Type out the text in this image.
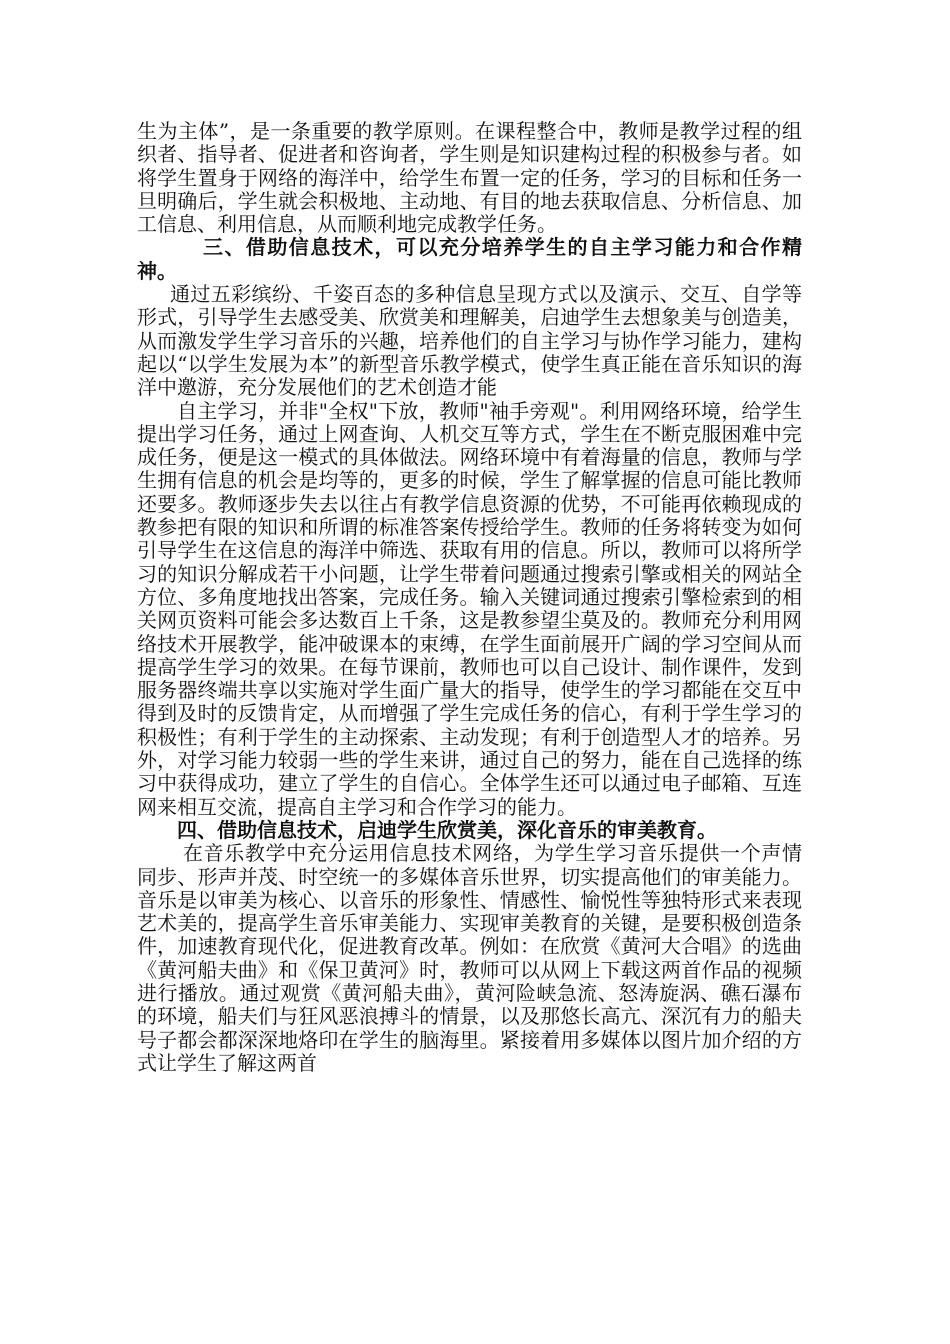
生为主体”，是一条重要的教学原则。在课程整合中，教师是教学过程的组织者、指导者、促进者和咨询者，学生则是知识建构过程的积极参与者。如将学生置身于网络的海洋中，给学生布置一定的任务，学习的目标和任务一旦明确后，学生就会积极地、主动地、有目的地去获取信息、分析信息、加工信息、利用信息，从而顺利地完成教学任务。

三、借助信息技术，可以充分培养学生的自主学习能力和合作精神。

通过五彩缤纷、千姿百态的多种信息呈现方式以及演示、交互、自学等形式，引导学生去感受美、欣赏美和理解美，启迪学生去想象美与创造美，从而激发学生学习音乐的兴趣，培养他们的自主学习与协作学习能力，建构起以“以学生发展为本”的新型音乐教学模式，使学生真正能在音乐知识的海洋中邀游，充分发展他们的艺术创造才能

自主学习，并非"全权"下放，教师"袖手旁观"。利用网络环境，给学生提出学习任务，通过上网查询、人机交互等方式，学生在不断克服困难中完成任务，便是这一模式的具体做法。网络环境中有着海量的信息，教师与学生拥有信息的机会是均等的，更多的时候，学生了解掌握的信息可能比教师还要多。教师逐步失去以往占有教学信息资源的优势，不可能再依赖现成的教参把有限的知识和所谓的标准答案传授给学生。教师的任务将转变为如何引导学生在这信息的海洋中筛选、获取有用的信息。所以，教师可以将所学习的知识分解成若干小问题，让学生带着问题通过搜索引擎或相关的网站全方位、多角度地找出答案，完成任务。输入关键词通过搜索引擎检索到的相关网页资料可能会多达数百上千条，这是教参望尘莫及的。教师充分利用网络技术开展教学，能冲破课本的束缚，在学生面前展开广阔的学习空间从而提高学生学习的效果。在每节课前，教师也可以自己设计、制作课件，发到服务器终端共享以实施对学生面广量大的指导，使学生的学习都能在交互中得到及时的反馈肯定，从而增强了学生完成任务的信心，有利于学生学习的积极性；有利于学生的主动探索、主动发现；有利于创造型人才的培养。另外，对学习能力较弱一些的学生来讲，通过自己的努力，能在自己选择的练习中获得成功，建立了学生的自信心。全体学生还可以通过电子邮箱、互连网来相互交流，提高自主学习和合作学习的能力。

四、借助信息技术，启迪学生欣赏美，深化音乐的审美教育。

在音乐教学中充分运用信息技术网络，为学生学习音乐提供一个声情同步、形声并茂、时空统一的多媒体音乐世界，切实提高他们的审美能力。音乐是以审美为核心、以音乐的形象性、情感性、愉悦性等独特形式来表现艺术美的，提高学生音乐审美能力、实现审美教育的关键，是要积极创造条件，加速教育现代化，促进教育改革。例如：在欣赏《黄河大合唱》的选曲《黄河船夫曲》和《保卫黄河》时，教师可以从网上下载这两首作品的视频进行播放。通过观赏《黄河船夫曲》，黄河险峡急流、怒涛旋涡、礁石瀑布的环境，船夫们与狂风恶浪搏斗的情景，以及那悠长高亢、深沉有力的船夫号子都会都深深地烙印在学生的脑海里。紧接着用多媒体以图片加介绍的方式让学生了解这两首
